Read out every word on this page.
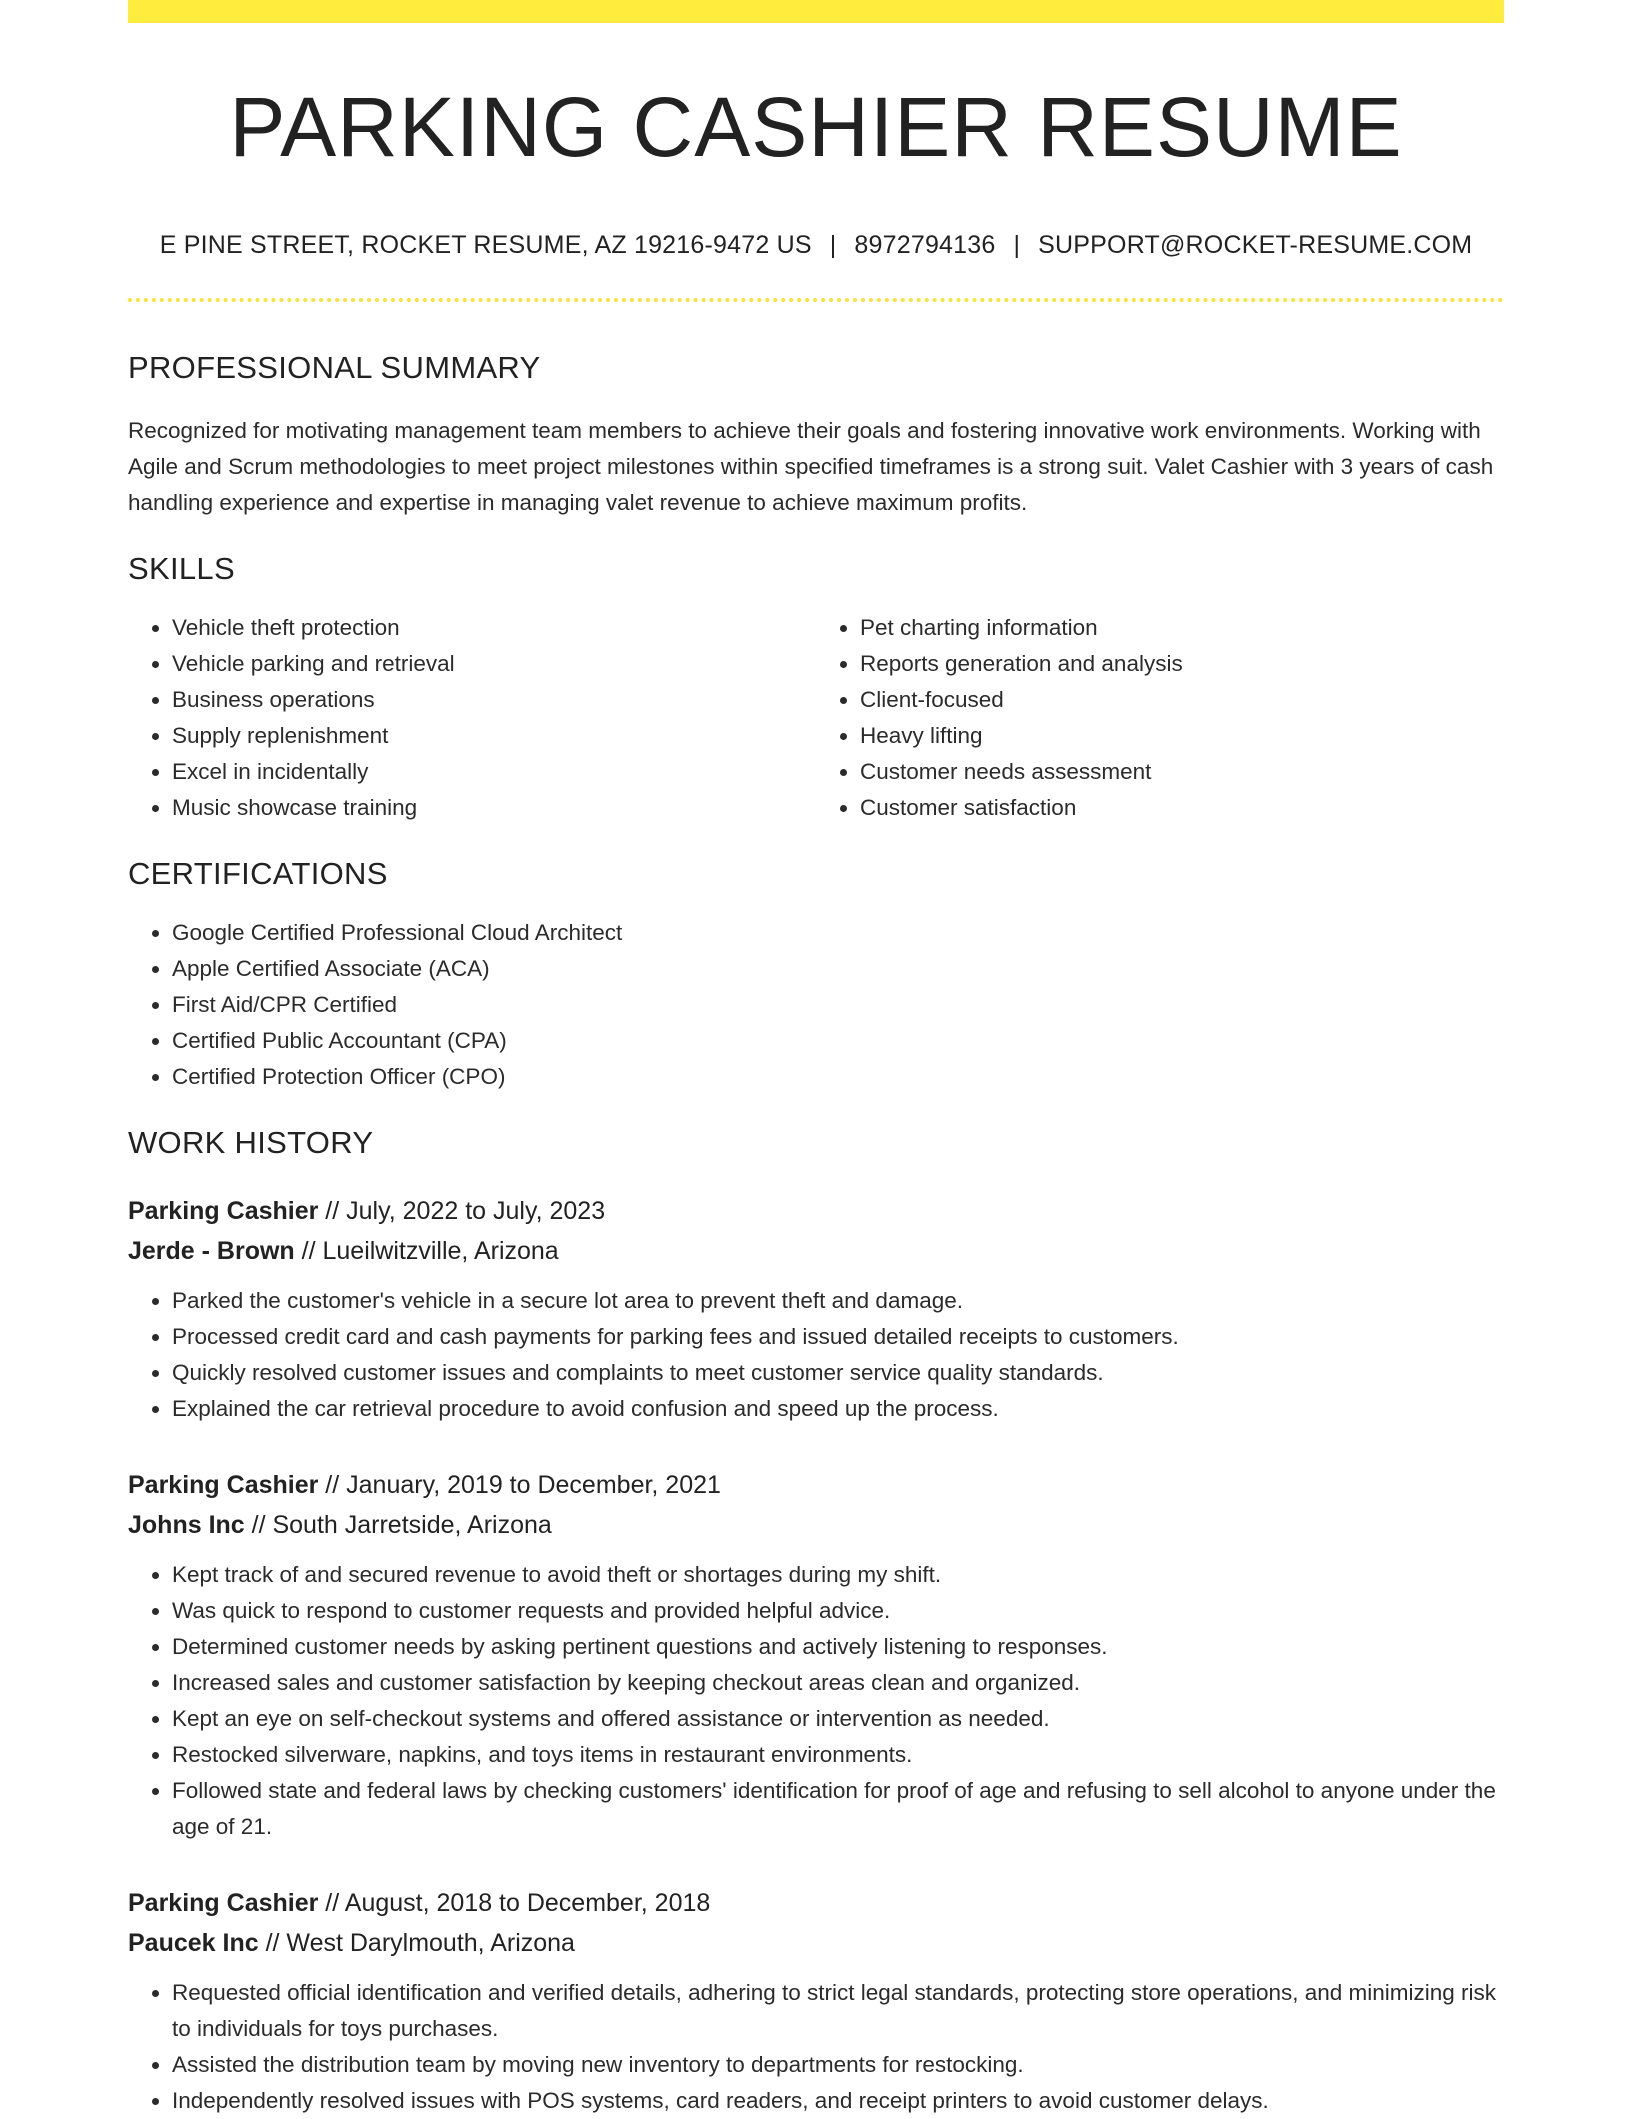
PARKING CASHIER RESUME
E PINE STREET, ROCKET RESUME, AZ 19216-9472 US | 8972794136 | SUPPORT@ROCKET-RESUME.COM
PROFESSIONAL SUMMARY

Recognized for motivating management team members to achieve their goals and fostering innovative work environments. Working with Agile and Scrum methodologies to meet project milestones within specified timeframes is a strong suit. Valet Cashier with 3 years of cash handling experience and expertise in managing valet revenue to achieve maximum profits.

SKILLS
• Vehicle theft protection
• Vehicle parking and retrieval
• Business operations
• Supply replenishment
• Excel in incidentally
• Music showcase training
• Pet charting information
• Reports generation and analysis
• Client-focused
• Heavy lifting
• Customer needs assessment
• Customer satisfaction
CERTIFICATIONS
• Google Certified Professional Cloud Architect
• Apple Certified Associate (ACA)
• First Aid/CPR Certified
• Certified Public Accountant (CPA)
• Certified Protection Officer (CPO)
WORK HISTORY
Parking Cashier // July, 2022 to July, 2023
Jerde - Brown // Lueilwitzville, Arizona
• Parked the customer's vehicle in a secure lot area to prevent theft and damage.
• Processed credit card and cash payments for parking fees and issued detailed receipts to customers.
• Quickly resolved customer issues and complaints to meet customer service quality standards.
• Explained the car retrieval procedure to avoid confusion and speed up the process.
Parking Cashier // January, 2019 to December, 2021
Johns Inc // South Jarretside, Arizona
• Kept track of and secured revenue to avoid theft or shortages during my shift.
• Was quick to respond to customer requests and provided helpful advice.
• Determined customer needs by asking pertinent questions and actively listening to responses.
• Increased sales and customer satisfaction by keeping checkout areas clean and organized.
• Kept an eye on self-checkout systems and offered assistance or intervention as needed.
• Restocked silverware, napkins, and toys items in restaurant environments.
• Followed state and federal laws by checking customers' identification for proof of age and refusing to sell alcohol to anyone under the age of 21.
Parking Cashier // August, 2018 to December, 2018
Paucek Inc // West Darylmouth, Arizona
• Requested official identification and verified details, adhering to strict legal standards, protecting store operations, and minimizing risk to individuals for toys purchases.
• Assisted the distribution team by moving new inventory to departments for restocking.
• Independently resolved issues with POS systems, card readers, and receipt printers to avoid customer delays.
